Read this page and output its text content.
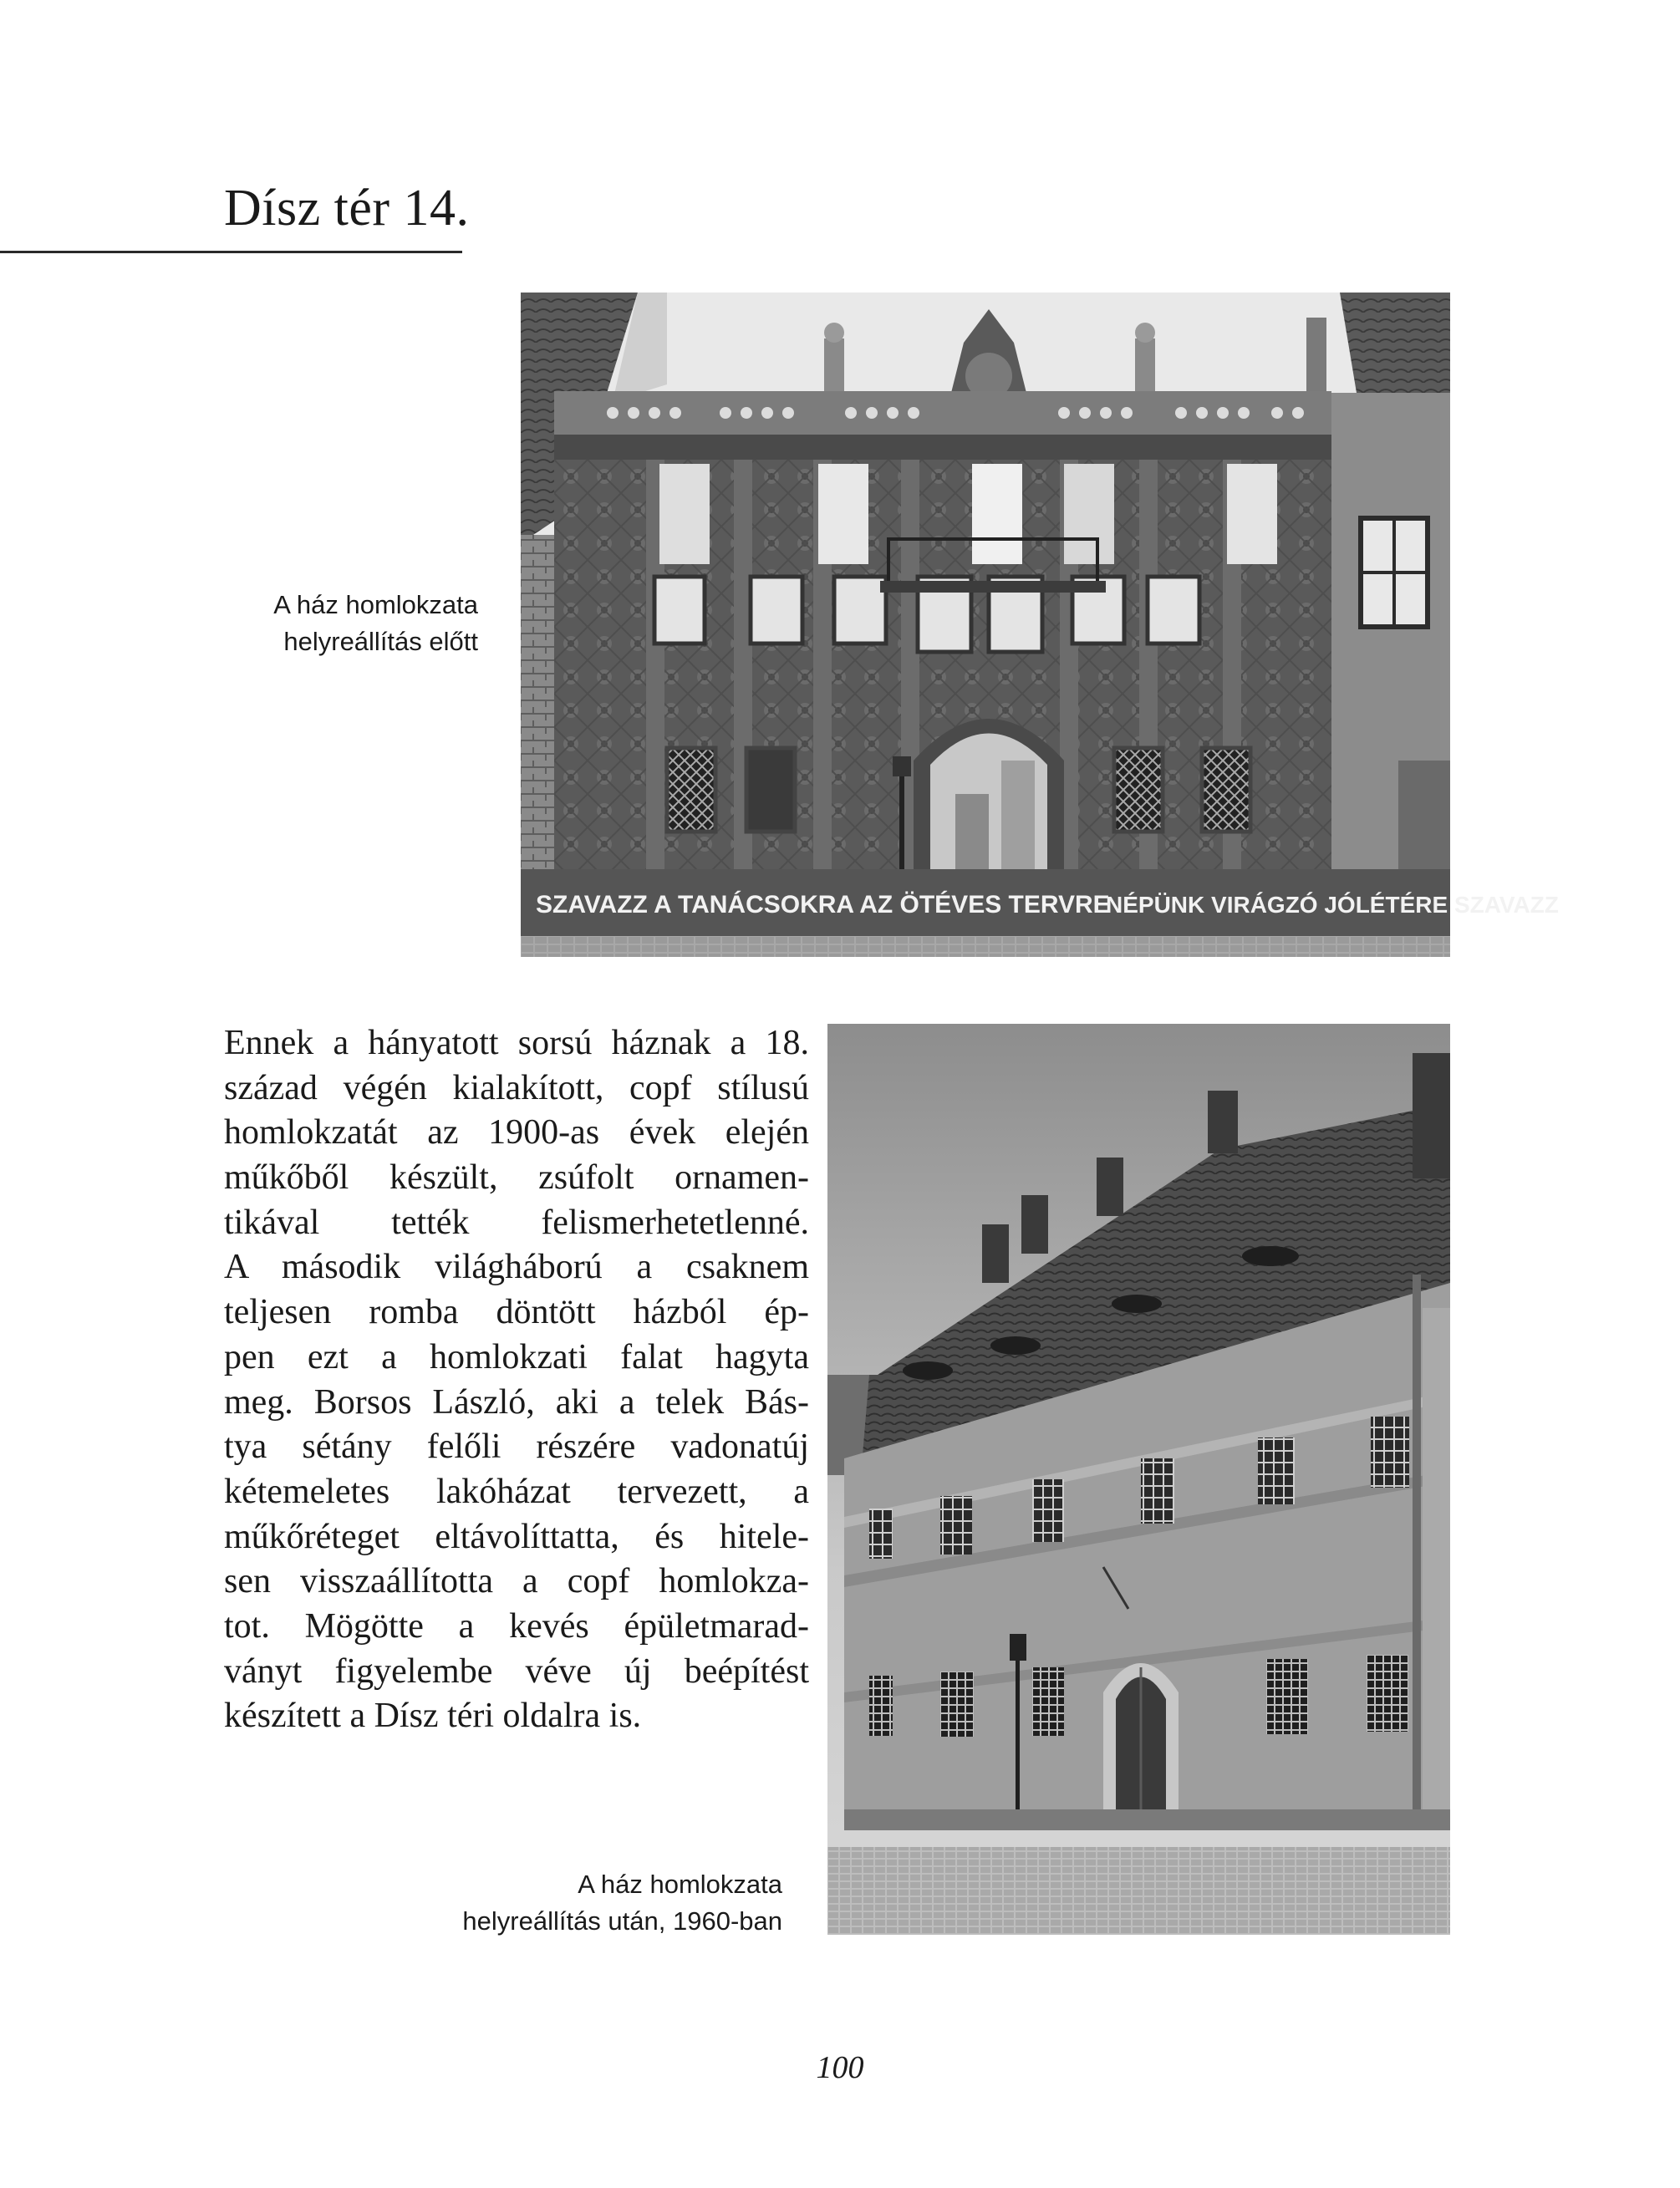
Dísz tér 14.
A ház homlokzata
helyreállítás előtt
SZAVAZZ A TANÁCSOKRA AZ ÖTÉVES TERVRE
NÉPÜNK VIRÁGZÓ JÓLÉTÉRE SZAVAZZ
Ennek a hányatott sorsú háznak a 18.
század végén kialakított, copf stílusú
homlokzatát az 1900-as évek elején
műkőből készült, zsúfolt ornamen-
tikával tették felismerhetetlenné.
A második világháború a csaknem
teljesen romba döntött házból ép-
pen ezt a homlokzati falat hagyta
meg. Borsos László, aki a telek Bás-
tya sétány felőli részére vadonatúj
kétemeletes lakóházat tervezett, a
műkőréteget eltávolíttatta, és hitele-
sen visszaállította a copf homlokza-
tot. Mögötte a kevés épületmarad-
ványt figyelembe véve új beépítést
készített a Dísz téri oldalra is.
A ház homlokzata
helyreállítás után, 1960-ban
100
